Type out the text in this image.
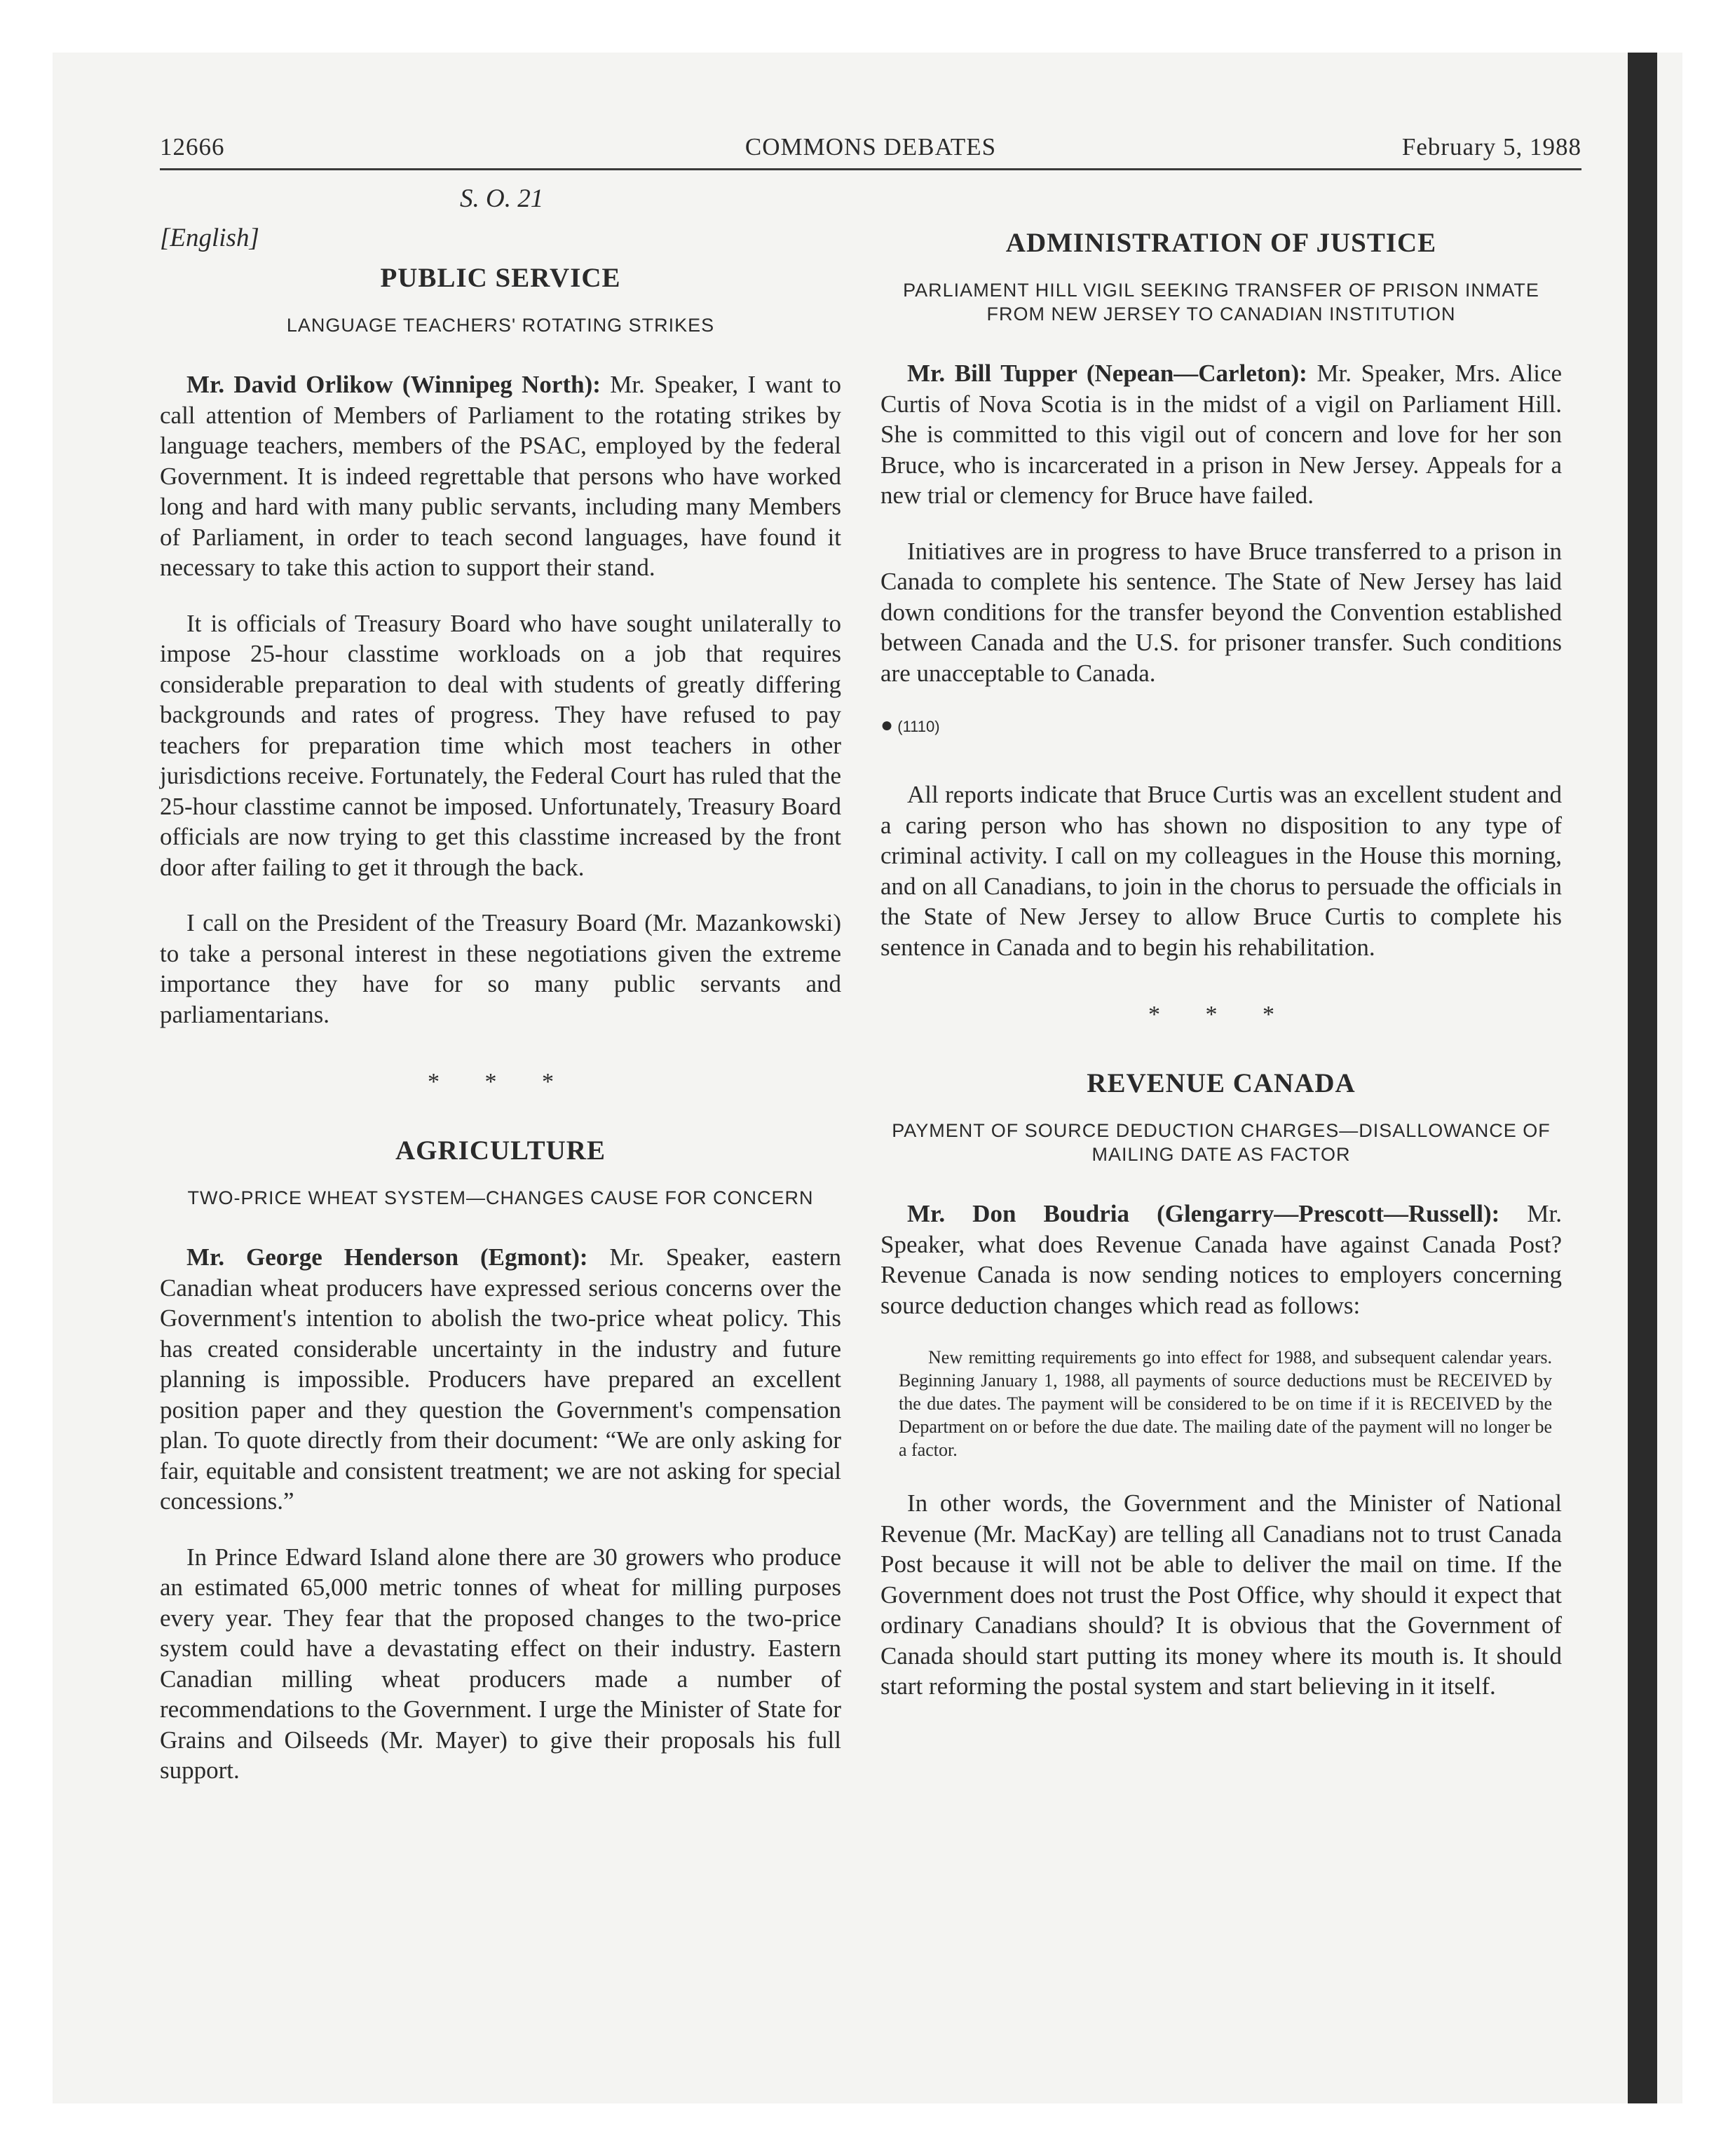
12666	COMMONS DEBATES	February 5, 1988
S. O. 21
[English]
PUBLIC SERVICE
LANGUAGE TEACHERS' ROTATING STRIKES

Mr. David Orlikow (Winnipeg North): Mr. Speaker, I want to call attention of Members of Parliament to the rotating strikes by language teachers, members of the PSAC, employed by the federal Government. It is indeed regrettable that persons who have worked long and hard with many public servants, including many Members of Parliament, in order to teach second languages, have found it necessary to take this action to support their stand.

It is officials of Treasury Board who have sought unilaterally to impose 25-hour classtime workloads on a job that requires considerable preparation to deal with students of greatly differing backgrounds and rates of progress. They have refused to pay teachers for preparation time which most teachers in other jurisdictions receive. Fortunately, the Federal Court has ruled that the 25-hour classtime cannot be imposed. Unfortunately, Treasury Board officials are now trying to get this classtime increased by the front door after failing to get it through the back.

I call on the President of the Treasury Board (Mr. Mazankowski) to take a personal interest in these negotiations given the extreme importance they have for so many public servants and parliamentarians.

* * *
AGRICULTURE
TWO-PRICE WHEAT SYSTEM—CHANGES CAUSE FOR CONCERN

Mr. George Henderson (Egmont): Mr. Speaker, eastern Canadian wheat producers have expressed serious concerns over the Government's intention to abolish the two-price wheat policy. This has created considerable uncertainty in the industry and future planning is impossible. Producers have prepared an excellent position paper and they question the Government's compensation plan. To quote directly from their document: “We are only asking for fair, equitable and consistent treatment; we are not asking for special concessions.”

In Prince Edward Island alone there are 30 growers who produce an estimated 65,000 metric tonnes of wheat for milling purposes every year. They fear that the proposed changes to the two-price system could have a devastating effect on their industry. Eastern Canadian milling wheat producers made a number of recommendations to the Government. I urge the Minister of State for Grains and Oilseeds (Mr. Mayer) to give their proposals his full support.

ADMINISTRATION OF JUSTICE
PARLIAMENT HILL VIGIL SEEKING TRANSFER OF PRISON INMATE FROM NEW JERSEY TO CANADIAN INSTITUTION

Mr. Bill Tupper (Nepean—Carleton): Mr. Speaker, Mrs. Alice Curtis of Nova Scotia is in the midst of a vigil on Parliament Hill. She is committed to this vigil out of concern and love for her son Bruce, who is incarcerated in a prison in New Jersey. Appeals for a new trial or clemency for Bruce have failed.

Initiatives are in progress to have Bruce transferred to a prison in Canada to complete his sentence. The State of New Jersey has laid down conditions for the transfer beyond the Convention established between Canada and the U.S. for prisoner transfer. Such conditions are unacceptable to Canada.

● (1110)

All reports indicate that Bruce Curtis was an excellent student and a caring person who has shown no disposition to any type of criminal activity. I call on my colleagues in the House this morning, and on all Canadians, to join in the chorus to persuade the officials in the State of New Jersey to allow Bruce Curtis to complete his sentence in Canada and to begin his rehabilitation.

* * *
REVENUE CANADA
PAYMENT OF SOURCE DEDUCTION CHARGES—DISALLOWANCE OF MAILING DATE AS FACTOR

Mr. Don Boudria (Glengarry—Prescott—Russell): Mr. Speaker, what does Revenue Canada have against Canada Post? Revenue Canada is now sending notices to employers concerning source deduction changes which read as follows:

New remitting requirements go into effect for 1988, and subsequent calendar years. Beginning January 1, 1988, all payments of source deductions must be RECEIVED by the due dates. The payment will be considered to be on time if it is RECEIVED by the Department on or before the due date. The mailing date of the payment will no longer be a factor.

In other words, the Government and the Minister of National Revenue (Mr. MacKay) are telling all Canadians not to trust Canada Post because it will not be able to deliver the mail on time. If the Government does not trust the Post Office, why should it expect that ordinary Canadians should? It is obvious that the Government of Canada should start putting its money where its mouth is. It should start reforming the postal system and start believing in it itself.
